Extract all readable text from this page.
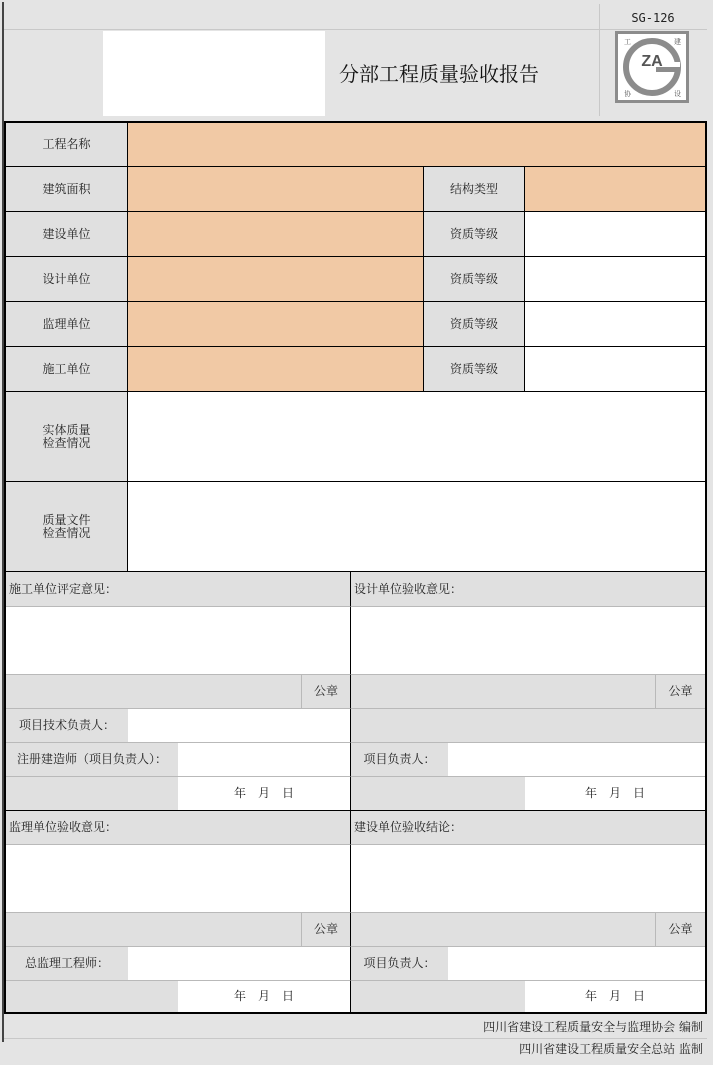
SG-126
分部工程质量验收报告	ZA
工	建
协	设
工程名称
建筑面积	结构类型
建设单位	资质等级
设计单位	资质等级
监理单位	资质等级
施工单位	资质等级
实体质量
检查情况
质量文件
检查情况
施工单位评定意见：	设计单位验收意见：
公章	公章
项目技术负责人：
注册建造师（项目负责人）：	项目负责人：
年　月　日	年　月　日
监理单位验收意见：	建设单位验收结论：
公章	公章
总监理工程师：	项目负责人：
年　月　日	年　月　日
四川省建设工程质量安全与监理协会 编制
四川省建设工程质量安全总站 监制
